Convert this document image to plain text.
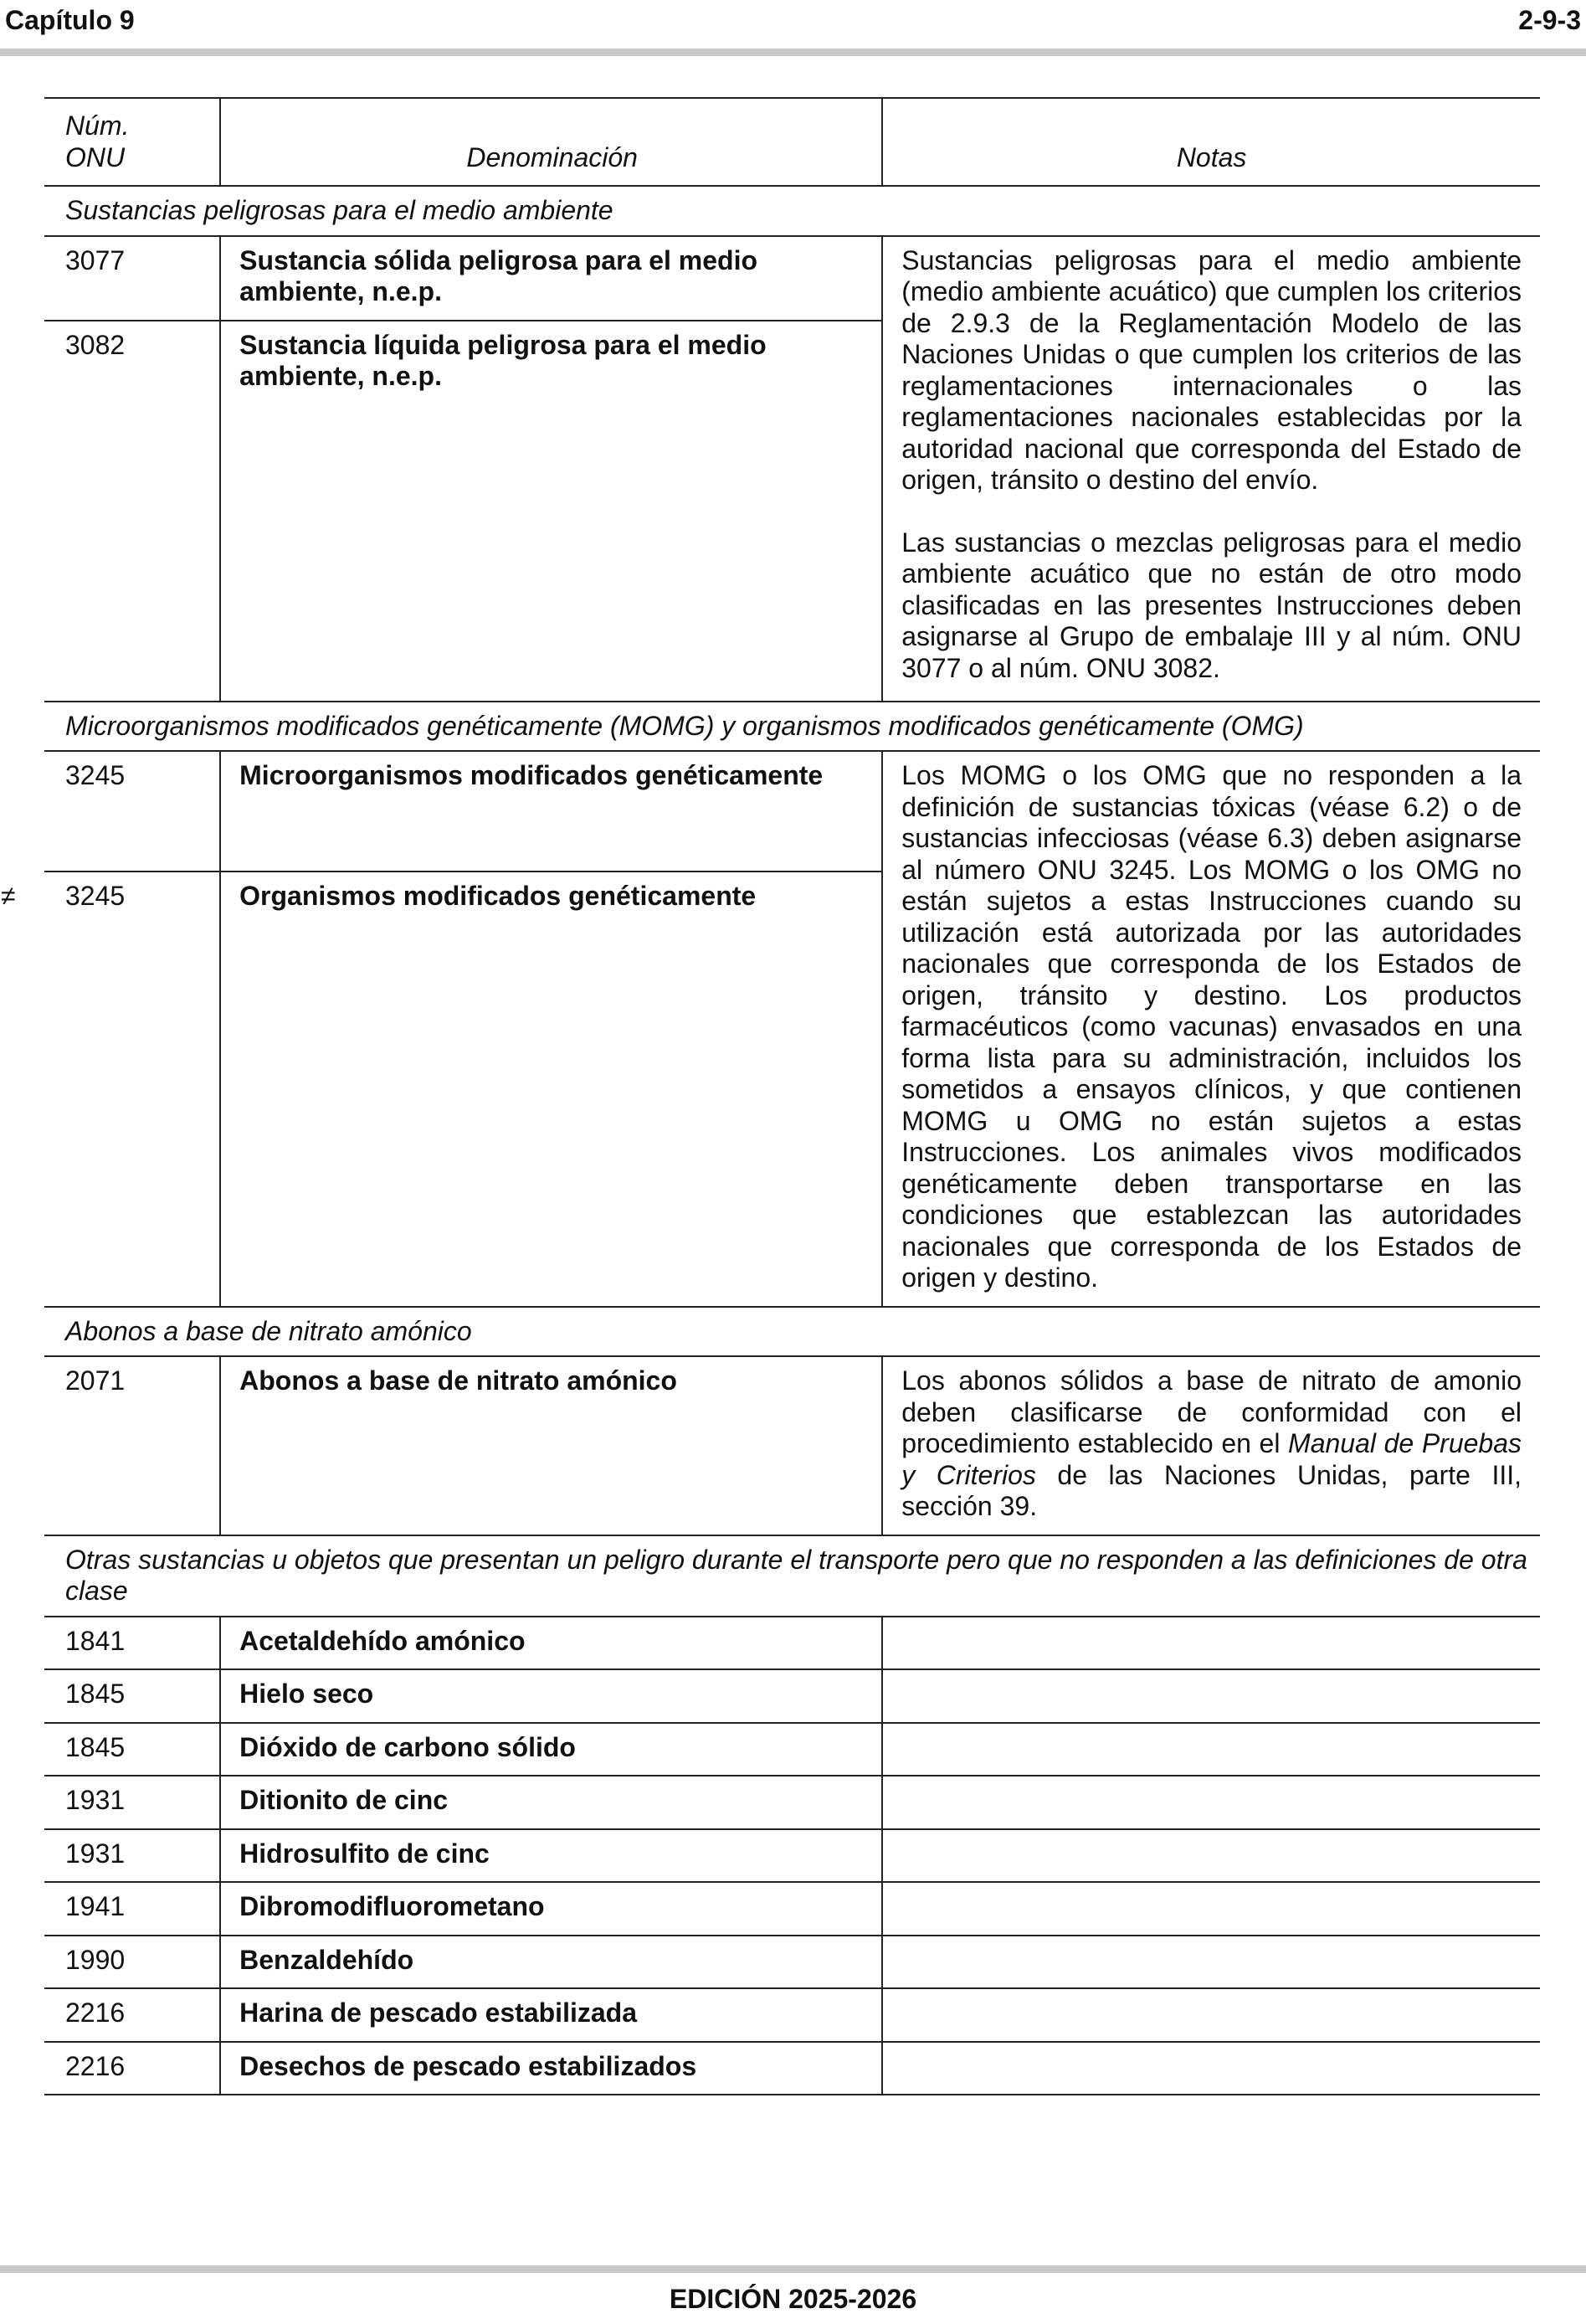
Capítulo 9	2-9-3
Núm.
ONU	Denominación	Notas
Sustancias peligrosas para el medio ambiente		
3077	Sustancia sólida peligrosa para el medio ambiente, n.e.p.	Sustancias peligrosas para el medio ambiente (medio ambiente acuático) que cumplen los criterios de 2.9.3 de la Reglamentación Modelo de las Naciones Unidas o que cumplen los criterios de las reglamentaciones internacionales o las reglamentaciones nacionales establecidas por la autoridad nacional que corresponda del Estado de origen, tránsito o destino del envío.

Las sustancias o mezclas peligrosas para el medio ambiente acuático que no están de otro modo clasificadas en las presentes Instrucciones deben asignarse al Grupo de embalaje III y al núm. ONU 3077 o al núm. ONU 3082.

3082	Sustancia líquida peligrosa para el medio ambiente, n.e.p.	
Microorganismos modificados genéticamente (MOMG) y organismos modificados genéticamente (OMG)		
3245	Microorganismos modificados genéticamente	Los MOMG o los OMG que no responden a la definición de sustancias tóxicas (véase 6.2) o de sustancias infecciosas (véase 6.3) deben asignarse al número ONU 3245. Los MOMG o los OMG no están sujetos a estas Instrucciones cuando su utilización está autorizada por las autoridades nacionales que corresponda de los Estados de origen, tránsito y destino. Los productos farmacéuticos (como vacunas) envasados en una forma lista para su administración, incluidos los sometidos a ensayos clínicos, y que contienen MOMG u OMG no están sujetos a estas Instrucciones. Los animales vivos modificados genéticamente deben transportarse en las condiciones que establezcan las autoridades nacionales que corresponda de los Estados de origen y destino.

≠ 3245	Organismos modificados genéticamente	
Abonos a base de nitrato amónico		
2071	Abonos a base de nitrato amónico	Los abonos sólidos a base de nitrato de amonio deben clasificarse de conformidad con el procedimiento establecido en el Manual de Pruebas y Criterios de las Naciones Unidas, parte III, sección 39.
Otras sustancias u objetos que presentan un peligro durante el transporte pero que no responden a las definiciones de otra clase		
1841	Acetaldehído amónico	
1845	Hielo seco	
1845	Dióxido de carbono sólido	
1931	Ditionito de cinc	
1931	Hidrosulfito de cinc	
1941	Dibromodifluorometano	
1990	Benzaldehído	
2216	Harina de pescado estabilizada	
2216	Desechos de pescado estabilizados	
EDICIÓN 2025-2026
